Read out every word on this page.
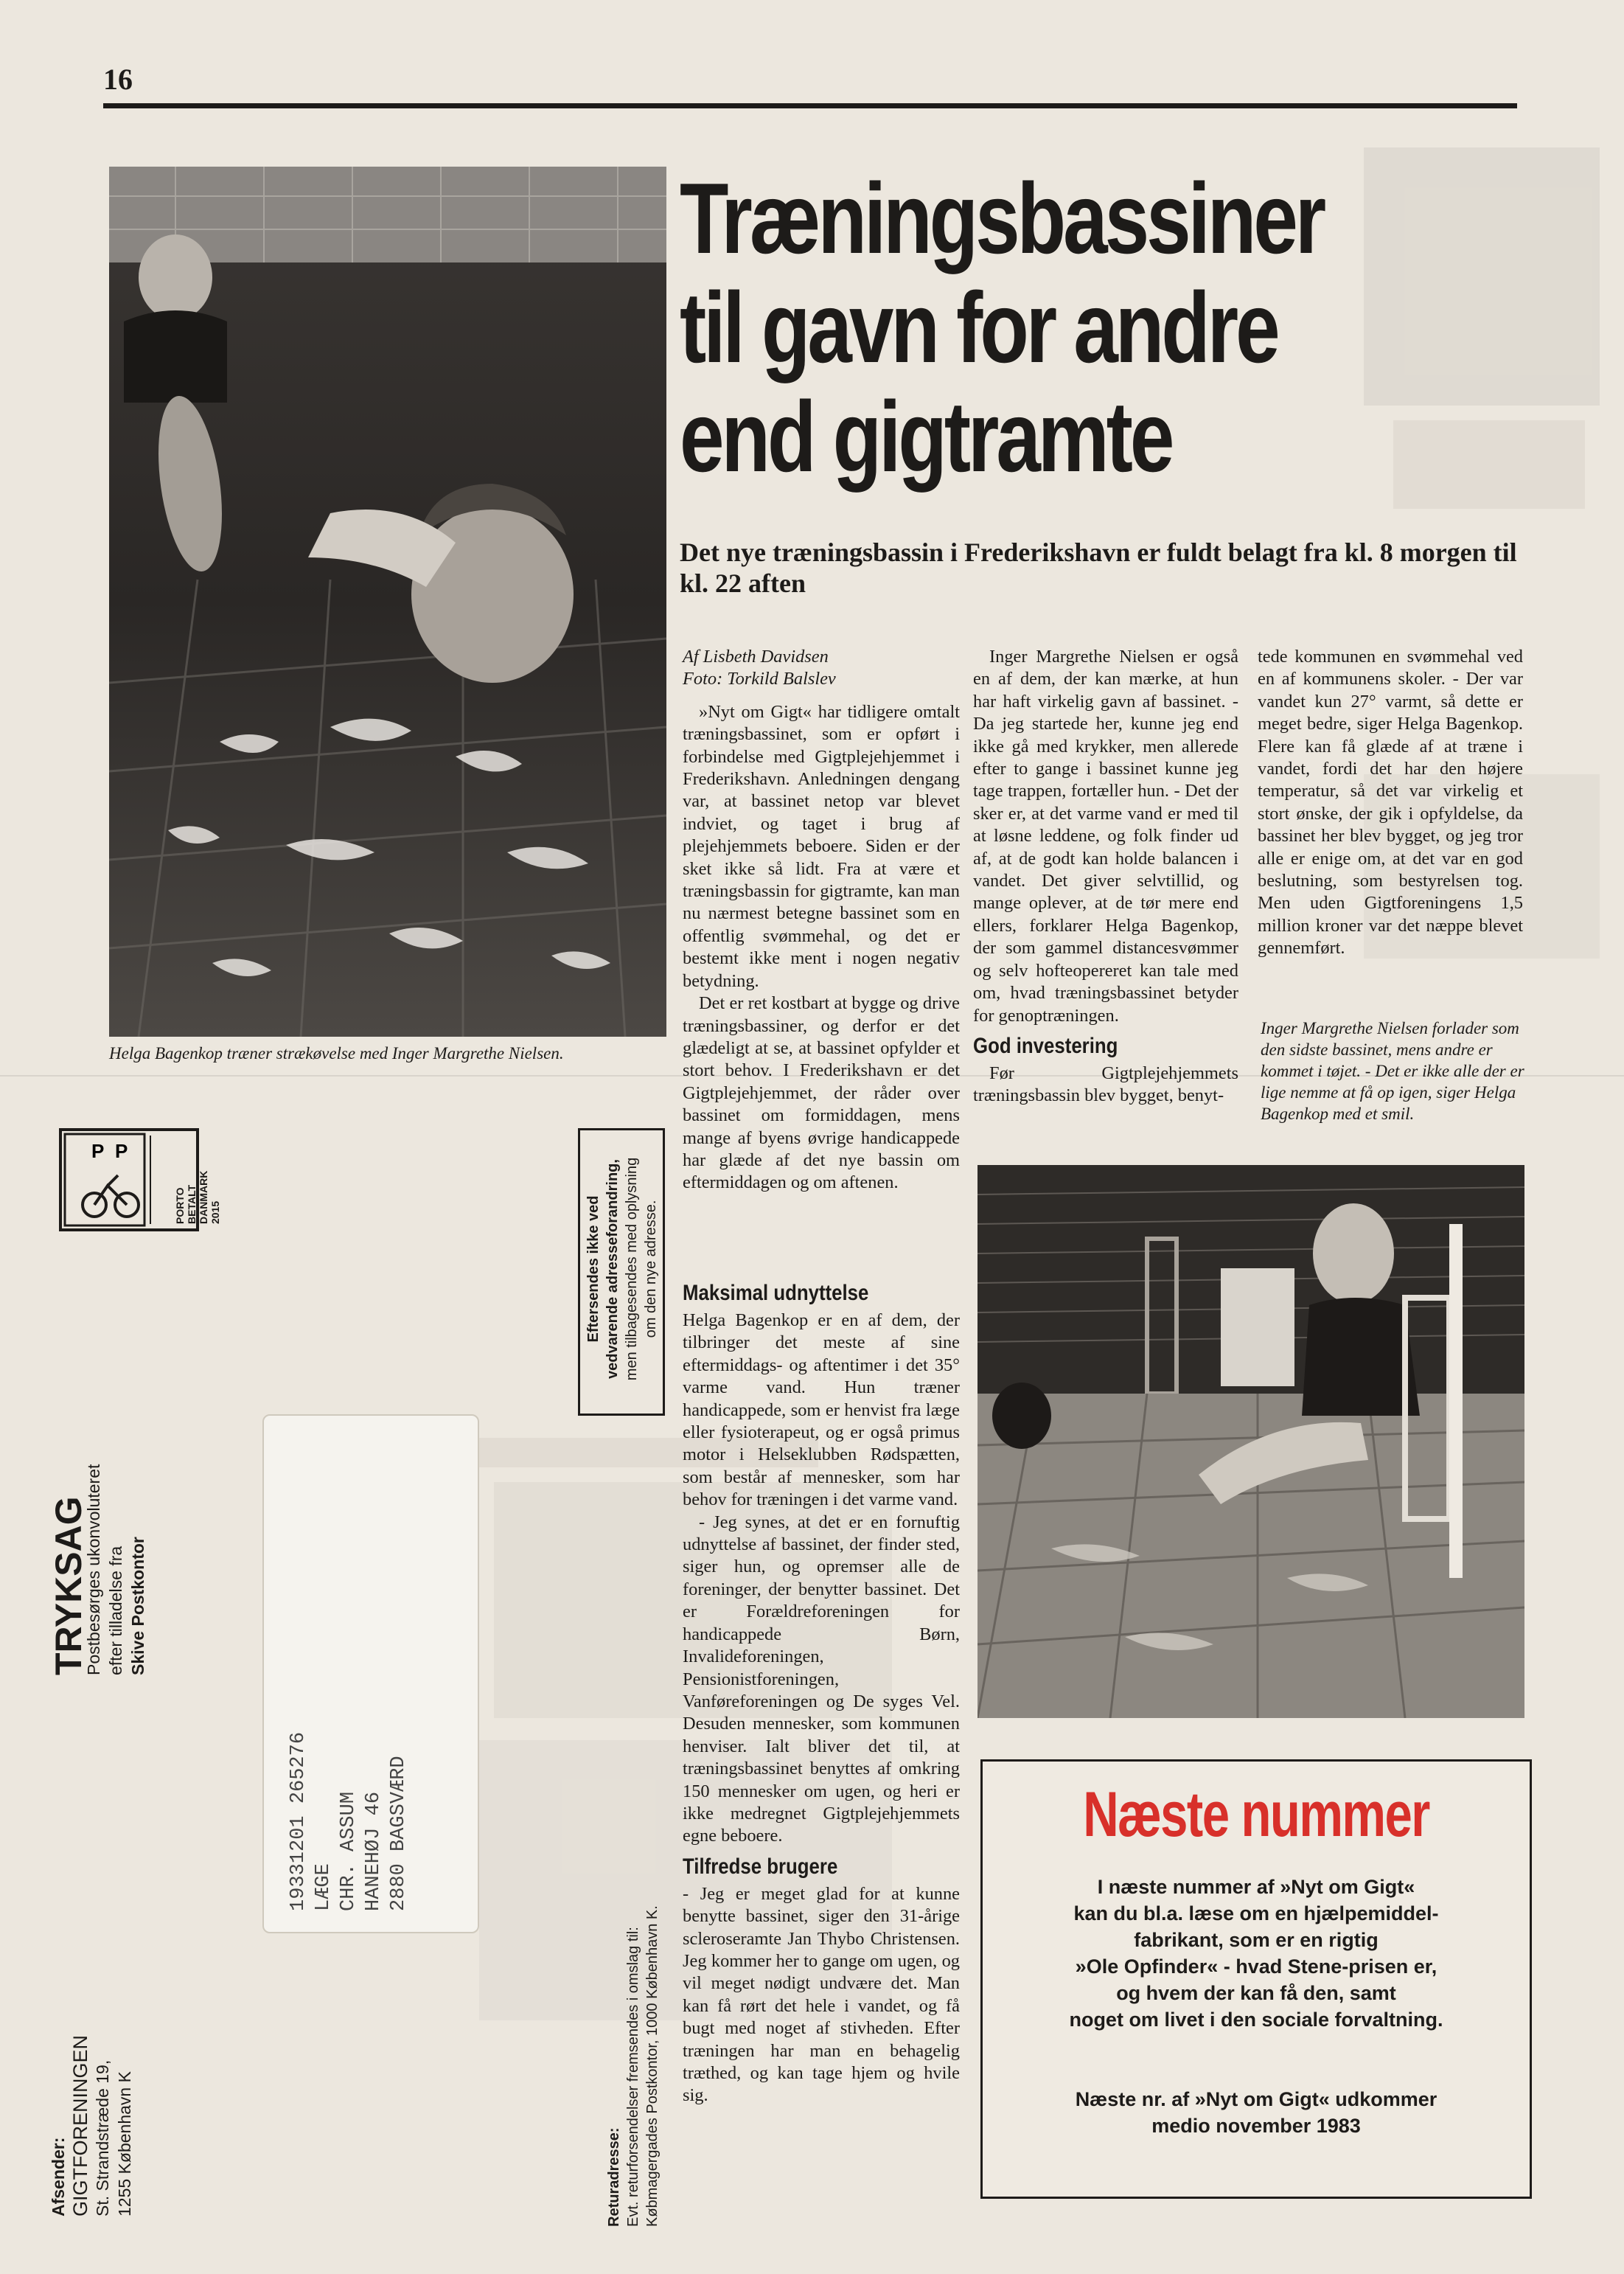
16
Helga Bagenkop træner strækøvelse med Inger Margrethe Nielsen.
Træningsbassiner
til gavn for andre
end gigtramte
Det nye træningsbassin i Frederikshavn er fuldt belagt fra kl. 8 morgen til kl. 22 aften

Af Lisbeth Davidsen

Foto: Torkild Balslev

»Nyt om Gigt« har tidligere omtalt træningsbassinet, som er opført i forbindelse med Gigtplejehjemmet i Frederikshavn. Anledningen dengang var, at bassinet netop var blevet indviet, og taget i brug af plejehjemmets beboere. Siden er der sket ikke så lidt. Fra at være et træningsbassin for gigtramte, kan man nu nærmest betegne bassinet som en offentlig svømmehal, og det er bestemt ikke ment i nogen negativ betydning.

Det er ret kostbart at bygge og drive træningsbassiner, og derfor er det glædeligt at se, at bassinet opfylder et stort behov. I Frederikshavn er det Gigtplejehjemmet, der råder over bassinet om formiddagen, mens mange af byens øvrige handicappede har glæde af det nye bassin om eftermiddagen og om aftenen.

Maksimal udnyttelse

Helga Bagenkop er en af dem, der tilbringer det meste af sine eftermiddags- og aftentimer i det 35° varme vand. Hun træner handicappede, som er henvist fra læge eller fysioterapeut, og er også primus motor i Helseklubben Rødspætten, som består af mennesker, som har behov for træningen i det varme vand.

- Jeg synes, at det er en fornuftig udnyttelse af bassinet, der finder sted, siger hun, og opremser alle de foreninger, der benytter bassinet. Det er Forældreforeningen for handicappede Børn, Invalideforeningen, Pensionistforeningen, Vanføreforeningen og De syges Vel. Desuden mennesker, som kommunen henviser. Ialt bliver det til, at træningsbassinet benyttes af omkring 150 mennesker om ugen, og heri er ikke medregnet Gigtplejehjemmets egne beboere.

Tilfredse brugere

- Jeg er meget glad for at kunne benytte bassinet, siger den 31-årige scleroseramte Jan Thybo Christensen. Jeg kommer her to gange om ugen, og vil meget nødigt undvære det. Man kan få rørt det hele i vandet, og få bugt med noget af stivheden. Efter træningen har man en behagelig træthed, og kan tage hjem og hvile sig.

Inger Margrethe Nielsen er også en af dem, der kan mærke, at hun har haft virkelig gavn af bassinet. - Da jeg startede her, kunne jeg end ikke gå med krykker, men allerede efter to gange i bassinet kunne jeg tage trappen, fortæller hun. - Det der sker er, at det varme vand er med til at løsne leddene, og folk finder ud af, at de godt kan holde balancen i vandet. Det giver selvtillid, og mange oplever, at de tør mere end ellers, forklarer Helga Bagenkop, der som gammel distancesvømmer og selv hofteopereret kan tale med om, hvad træningsbassinet betyder for genoptræningen.

God investering

Før Gigtplejehjemmets træningsbassin blev bygget, benyt-

tede kommunen en svømmehal ved en af kommunens skoler. - Der var vandet kun 27° varmt, så dette er meget bedre, siger Helga Bagenkop. Flere kan få glæde af at træne i vandet, fordi det har den højere temperatur, så det var virkelig et stort ønske, der gik i opfyldelse, da bassinet her blev bygget, og jeg tror alle er enige om, at det var en god beslutning, som bestyrelsen tog. Men uden Gigtforeningens 1,5 million kroner var det næppe blevet gennemført.

Inger Margrethe Nielsen forlader som den sidste bassinet, mens andre er kommet i tøjet. - Det er ikke alle der er lige nemme at få op igen, siger Helga Bagenkop med et smil.
Næste nummer
I næste nummer af »Nyt om Gigt«
kan du bl.a. læse om en hjælpemiddel-
fabrikant, som er en rigtig
»Ole Opfinder« - hvad Stene-prisen er,
og hvem der kan få den, samt
noget om livet i den sociale forvaltning.
Næste nr. af »Nyt om Gigt« udkommer
medio november 1983
P P
PORTO BETALT DANMARK 2015	Eftersendes ikke ved vedvarende adresseforandring, men tilbagesendes med oplysning om den nye adresse.
19331201 265276 LÆGE CHR. ASSUM HANEHØJ 46 2880 BAGSVÆRD
TRYKSAG
Postbesørges ukonvoluteret efter tilladelse fra Skive Postkontor
Afsender: GIGTFORENINGEN St. Strandstræde 19, 1255 København K	Returadresse: Evt. returforsendelser fremsendes i omslag til: Købmagergades Postkontor, 1000 København K.
